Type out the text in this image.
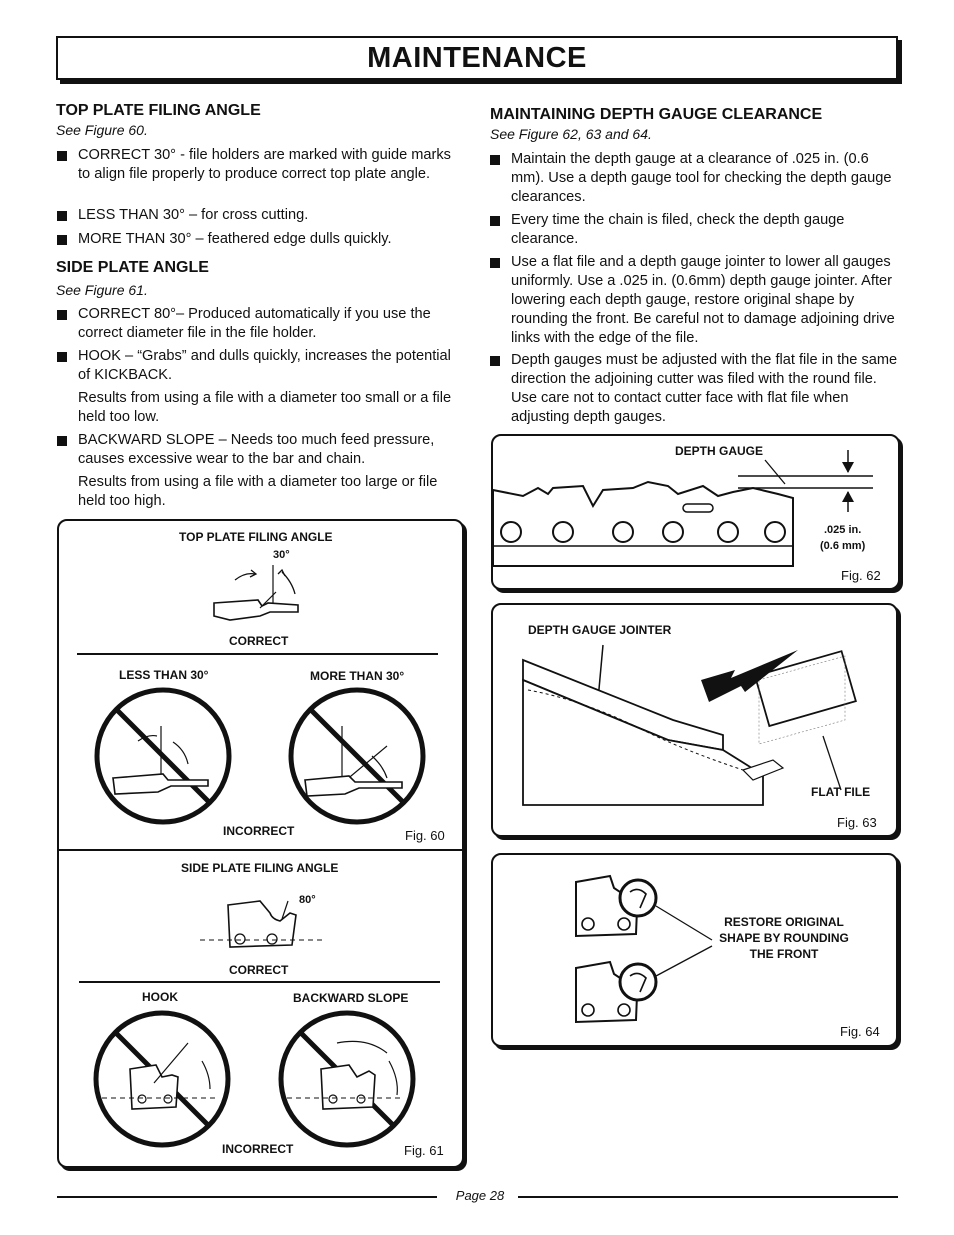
MAINTENANCE
TOP PLATE FILING ANGLE
See Figure 60.
CORRECT 30° - file holders are marked with guide marks to align file properly to produce correct top plate angle.
LESS THAN 30° – for cross cutting.
MORE THAN 30° – feathered edge dulls quickly.
SIDE PLATE ANGLE
See Figure 61.
CORRECT 80°– Produced automatically if you use the correct diameter file in the file holder.
HOOK – “Grabs” and dulls quickly, increases the potential of KICKBACK.
Results from using a file with a diameter too small or a file held too low.
BACKWARD SLOPE – Needs too much feed pressure, causes excessive wear to the bar and chain.
Results from using a file with a diameter too large or file held too high.
MAINTAINING DEPTH GAUGE CLEARANCE
See Figure 62, 63 and 64.
Maintain the depth gauge at a clearance of .025 in. (0.6 mm). Use a depth gauge tool for checking the depth gauge clearances.
Every time the chain is filed, check the depth gauge clearance.
Use a flat file and a depth gauge jointer to lower all gauges uniformly. Use a .025 in. (0.6mm) depth gauge jointer. After lowering each depth gauge, restore original shape by rounding the front. Be careful not to damage adjoining drive links with the edge of the file.
Depth gauges must be adjusted with the flat file in the same direction the adjoining cutter was filed with the round file. Use care not to contact cutter face with flat file when adjusting depth gauges.
TOP PLATE FILING ANGLE
30°
CORRECT
LESS THAN 30°	MORE THAN 30°
INCORRECT	Fig. 60
SIDE PLATE FILING ANGLE
80°
CORRECT
HOOK	BACKWARD SLOPE
INCORRECT	Fig. 61
DEPTH GAUGE
.025 in.
(0.6 mm)
Fig. 62
DEPTH GAUGE JOINTER
FLAT FILE
Fig. 63
RESTORE ORIGINAL
SHAPE BY ROUNDING
THE FRONT
Fig. 64
Page 28
